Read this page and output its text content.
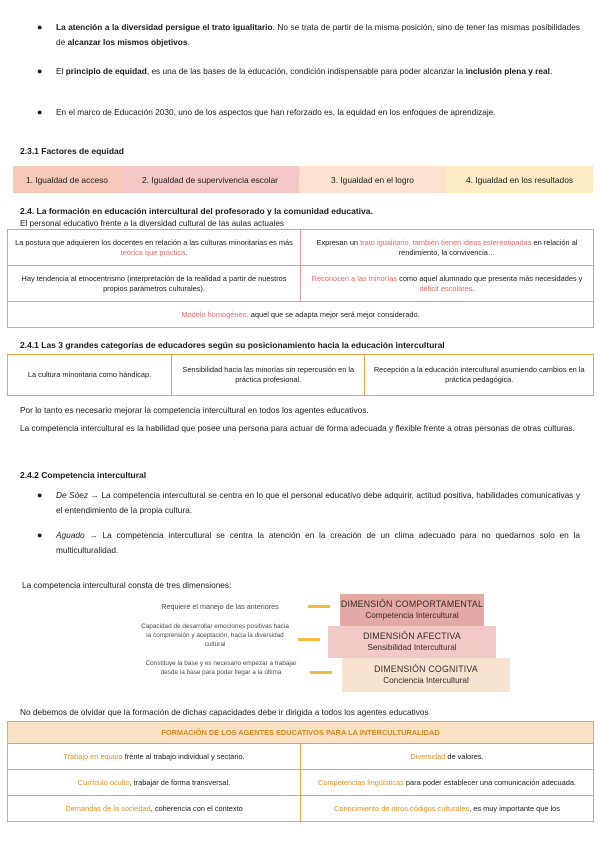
● La atención a la diversidad persigue el trato igualitario. No se trata de partir de la misma posición, sino de tener las mismas posibilidades de alcanzar los mismos objetivos.
● El principio de equidad, es una de las bases de la educación, condición indispensable para poder alcanzar la inclusión plena y real.
● En el marco de Educación 2030, uno de los aspectos que han reforzado es, la equidad en los enfoques de aprendizaje.
2.3.1 Factores de equidad
1. Igualdad de acceso	2. Igualdad de supervivencia escolar	3. Igualdad en el logro	4. Igualdad en los resultados
2.4. La formación en educación intercultural del profesorado y la comunidad educativa.
El personal educativo frente a la diversidad cultural de las aulas actuales
La postura que adquieren los docentes en relación a las culturas minoritarias es más teórica que práctica.	Expresan un trato igualitario, también tienen ideas estereotipadas en relación al rendimiento, la convivencia…
Hay tendencia al etnocentrismo (interpretación de la realidad a partir de nuestros propios parámetros culturales).	Reconocen a las minorías como aquel alumnado que presenta más necesidades y déficit escolares.
Modelo homogéneo, aquel que se adapta mejor será mejor considerado.	
2.4.1 Las 3 grandes categorías de educadores según su posicionamiento hacia la educación intercultural
La cultura minoritaria como hándicap.	Sensibilidad hacia las minorías sin repercusión en la práctica profesional.	Recepción a la educación intercultural asumiendo cambios en la práctica pedagógica.
Por lo tanto es necesario mejorar la competencia intercultural en todos los agentes educativos.
La competencia intercultural es la habilidad que posee una persona para actuar de forma adecuada y flexible frente a otras personas de otras culturas.
2.4.2 Competencia intercultural
● De Sóez → La competencia intercultural se centra en lo que el personal educativo debe adquirir, actitud positiva, habilidades comunicativas y el entendimiento de la propia cultura.
● Aguado → La competencia intercultural se centra la atención en la creación de un clima adecuado para no quedarnos solo en la multiculturalidad.
La competencia intercultural consta de tres dimensiones:
DIMENSIÓN COMPORTAMENTAL
Competencia Intercultural
DIMENSIÓN AFECTIVA
Sensibilidad Intercultural
DIMENSIÓN COGNITIVA
Conciencia Intercultural
Requiere el manejo de las anteriores
Capacidad de desarrollar emociones positivas hacia la comprensión y aceptación, hacia la diversidad cultural
Constituye la base y es necesario empezar a trabajar desde la base para poder llegar a la última
No debemos de olvidar que la formación de dichas capacidades debe ir dirigida a todos los agentes educativos
FORMACIÓN DE LOS AGENTES EDUCATIVOS PARA LA INTERCULTURALIDAD	
Trabajo en equipo frente al trabajo individual y sectario.	Diversidad de valores.
Currículo oculto, trabajar de forma transversal.	Competencias lingüísticas para poder establecer una comunicación adecuada.
Demandas de la sociedad, coherencia con el contexto	Conocimiento de otros códigos culturales, es muy importante que los
